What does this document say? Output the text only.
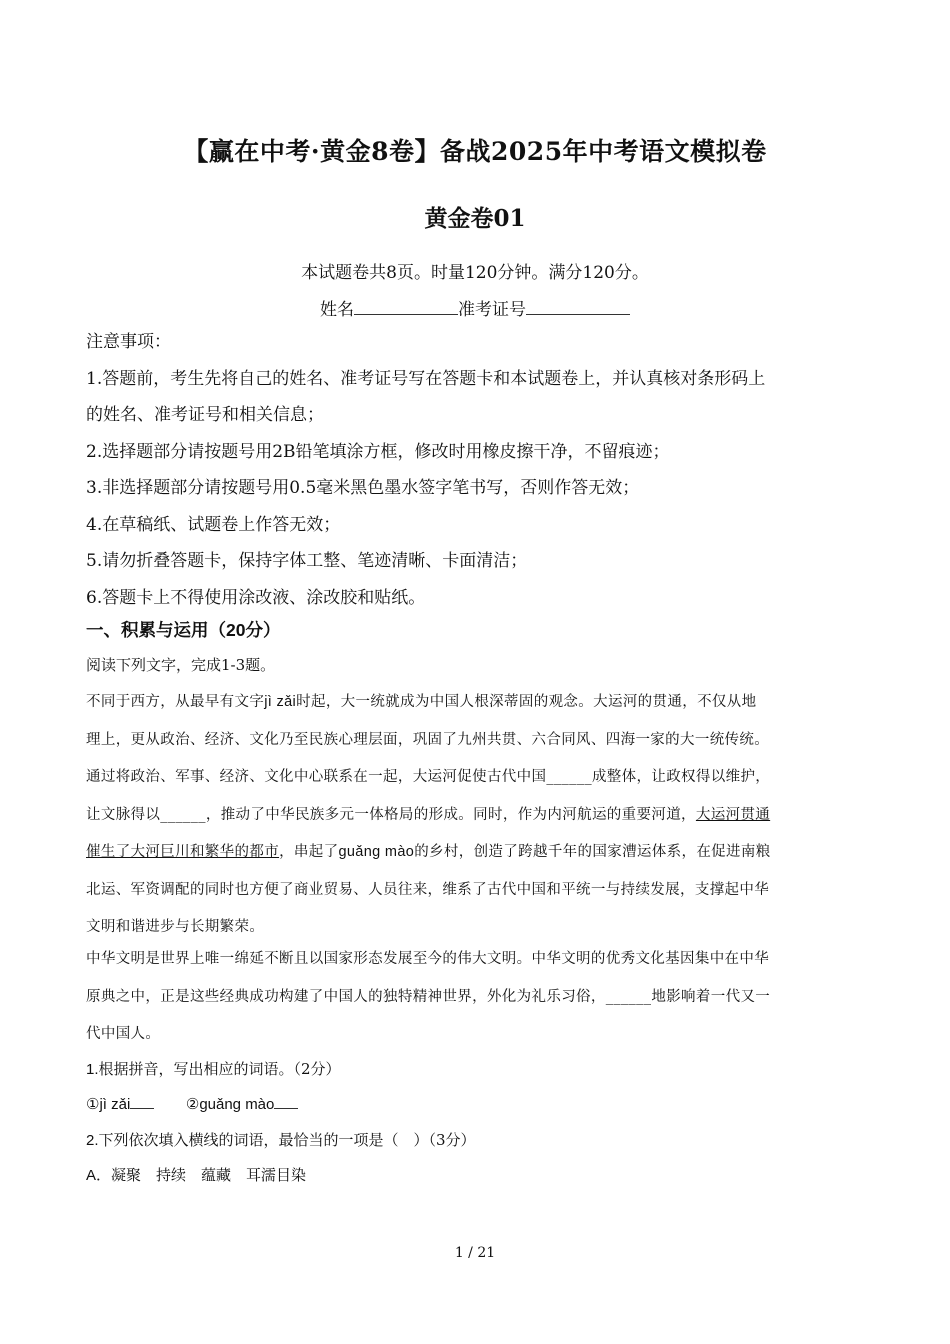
【赢在中考·黄金8卷】备战2025年中考语文模拟卷
黄金卷01
本试题卷共8页。时量120分钟。满分120分。
姓名	准考证号
注意事项：
1.答题前，考生先将自己的姓名、准考证号写在答题卡和本试题卷上，并认真核对条形码上
的姓名、准考证号和相关信息；
2.选择题部分请按题号用2B铅笔填涂方框，修改时用橡皮擦干净，不留痕迹；
3.非选择题部分请按题号用0.5毫米黑色墨水签字笔书写，否则作答无效；
4.在草稿纸、试题卷上作答无效；
5.请勿折叠答题卡，保持字体工整、笔迹清晰、卡面清洁；
6.答题卡上不得使用涂改液、涂改胶和贴纸。
一、积累与运用（20分）
阅读下列文字，完成1-3题。
不同于西方，从最早有文字jì zǎi时起，大一统就成为中国人根深蒂固的观念。大运河的贯通，不仅从地
理上，更从政治、经济、文化乃至民族心理层面，巩固了九州共贯、六合同风、四海一家的大一统传统。
通过将政治、军事、经济、文化中心联系在一起，大运河促使古代中国______成整体，让政权得以维护，
让文脉得以______，推动了中华民族多元一体格局的形成。同时，作为内河航运的重要河道，大运河贯通
催生了大河巨川和繁华的都市，串起了guǎng mào的乡村，创造了跨越千年的国家漕运体系，在促进南粮
北运、军资调配的同时也方便了商业贸易、人员往来，维系了古代中国和平统一与持续发展，支撑起中华
文明和谐进步与长期繁荣。
中华文明是世界上唯一绵延不断且以国家形态发展至今的伟大文明。中华文明的优秀文化基因集中在中华
原典之中，正是这些经典成功构建了中国人的独特精神世界，外化为礼乐习俗，______地影响着一代又一
代中国人。
1.根据拼音，写出相应的词语。（2分）
①jì zǎi	②guǎng mào
2.下列依次填入横线的词语，最恰当的一项是（　）（3分）
A．凝聚　持续　蕴藏　耳濡目染
1 / 21
